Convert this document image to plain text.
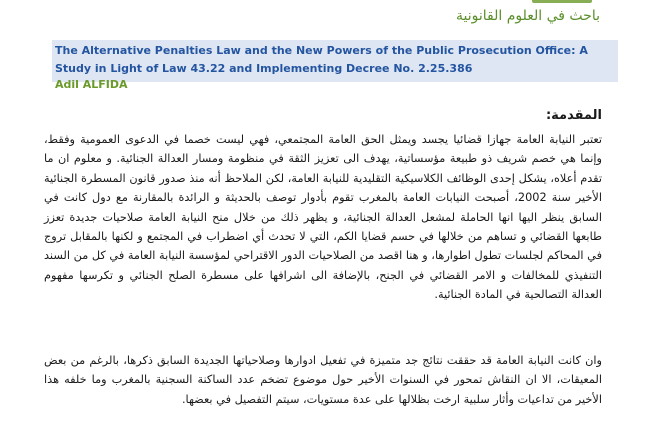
باحث في العلوم القانونية

The Alternative Penalties Law and the New Powers of the Public Prosecution Office: A Study in Light of Law 43.22 and Implementing Decree No. 2.25.386

Adil ALFIDA
المقدمة:

تعتبر النيابة العامة جهازا قضائيا يجسد ويمثل الحق العامة المجتمعي، فهي ليست خصما في الدعوى العمومية وفقط، وإنما هي خصم شريف ذو طبيعة مؤسساتية، يهدف الى تعزيز الثقة في منظومة ومسار العدالة الجنائية. و معلوم ان ما تقدم أعلاه، يشكل إحدى الوظائف الكلاسيكية التقليدية للنيابة العامة، لكن الملاحظ أنه منذ صدور قانون المسطرة الجنائية الأخير سنة 2002، أصبحت النيابات العامة بالمغرب تقوم بأدوار توصف بالحديثة و الرائدة بالمقارنة مع دول كانت في السابق ينظر اليها انها الحاملة لمشعل العدالة الجنائية، و يظهر ذلك من خلال منح النيابة العامة صلاحيات جديدة تعزز طابعها القضائي و تساهم من خلالها في حسم قضايا الكم، التي لا تحدث أي اضطراب في المجتمع و لكنها بالمقابل تروج في المحاكم لجلسات تطول اطوارها، و هنا اقصد من الصلاحيات الدور الاقتراحي لمؤسسة النيابة العامة في كل من السند التنفيذي للمخالفات و الامر القضائي في الجنح، بالإضافة الى اشرافها على مسطرة الصلح الجنائي و تكرسها مفهوم العدالة التصالحية في المادة الجنائية.

وان كانت النيابة العامة قد حققت نتائج جد متميزة في تفعيل ادوارها وصلاحياتها الجديدة السابق ذكرها، بالرغم من بعض المعيقات، الا ان النقاش تمحور في السنوات الأخير حول موضوع تضخم عدد الساكنة السجنية بالمغرب وما خلفه هذا الأخير من تداعيات وأثار سلبية ارخت بظلالها على عدة مستويات، سيتم التفصيل في بعضها.
